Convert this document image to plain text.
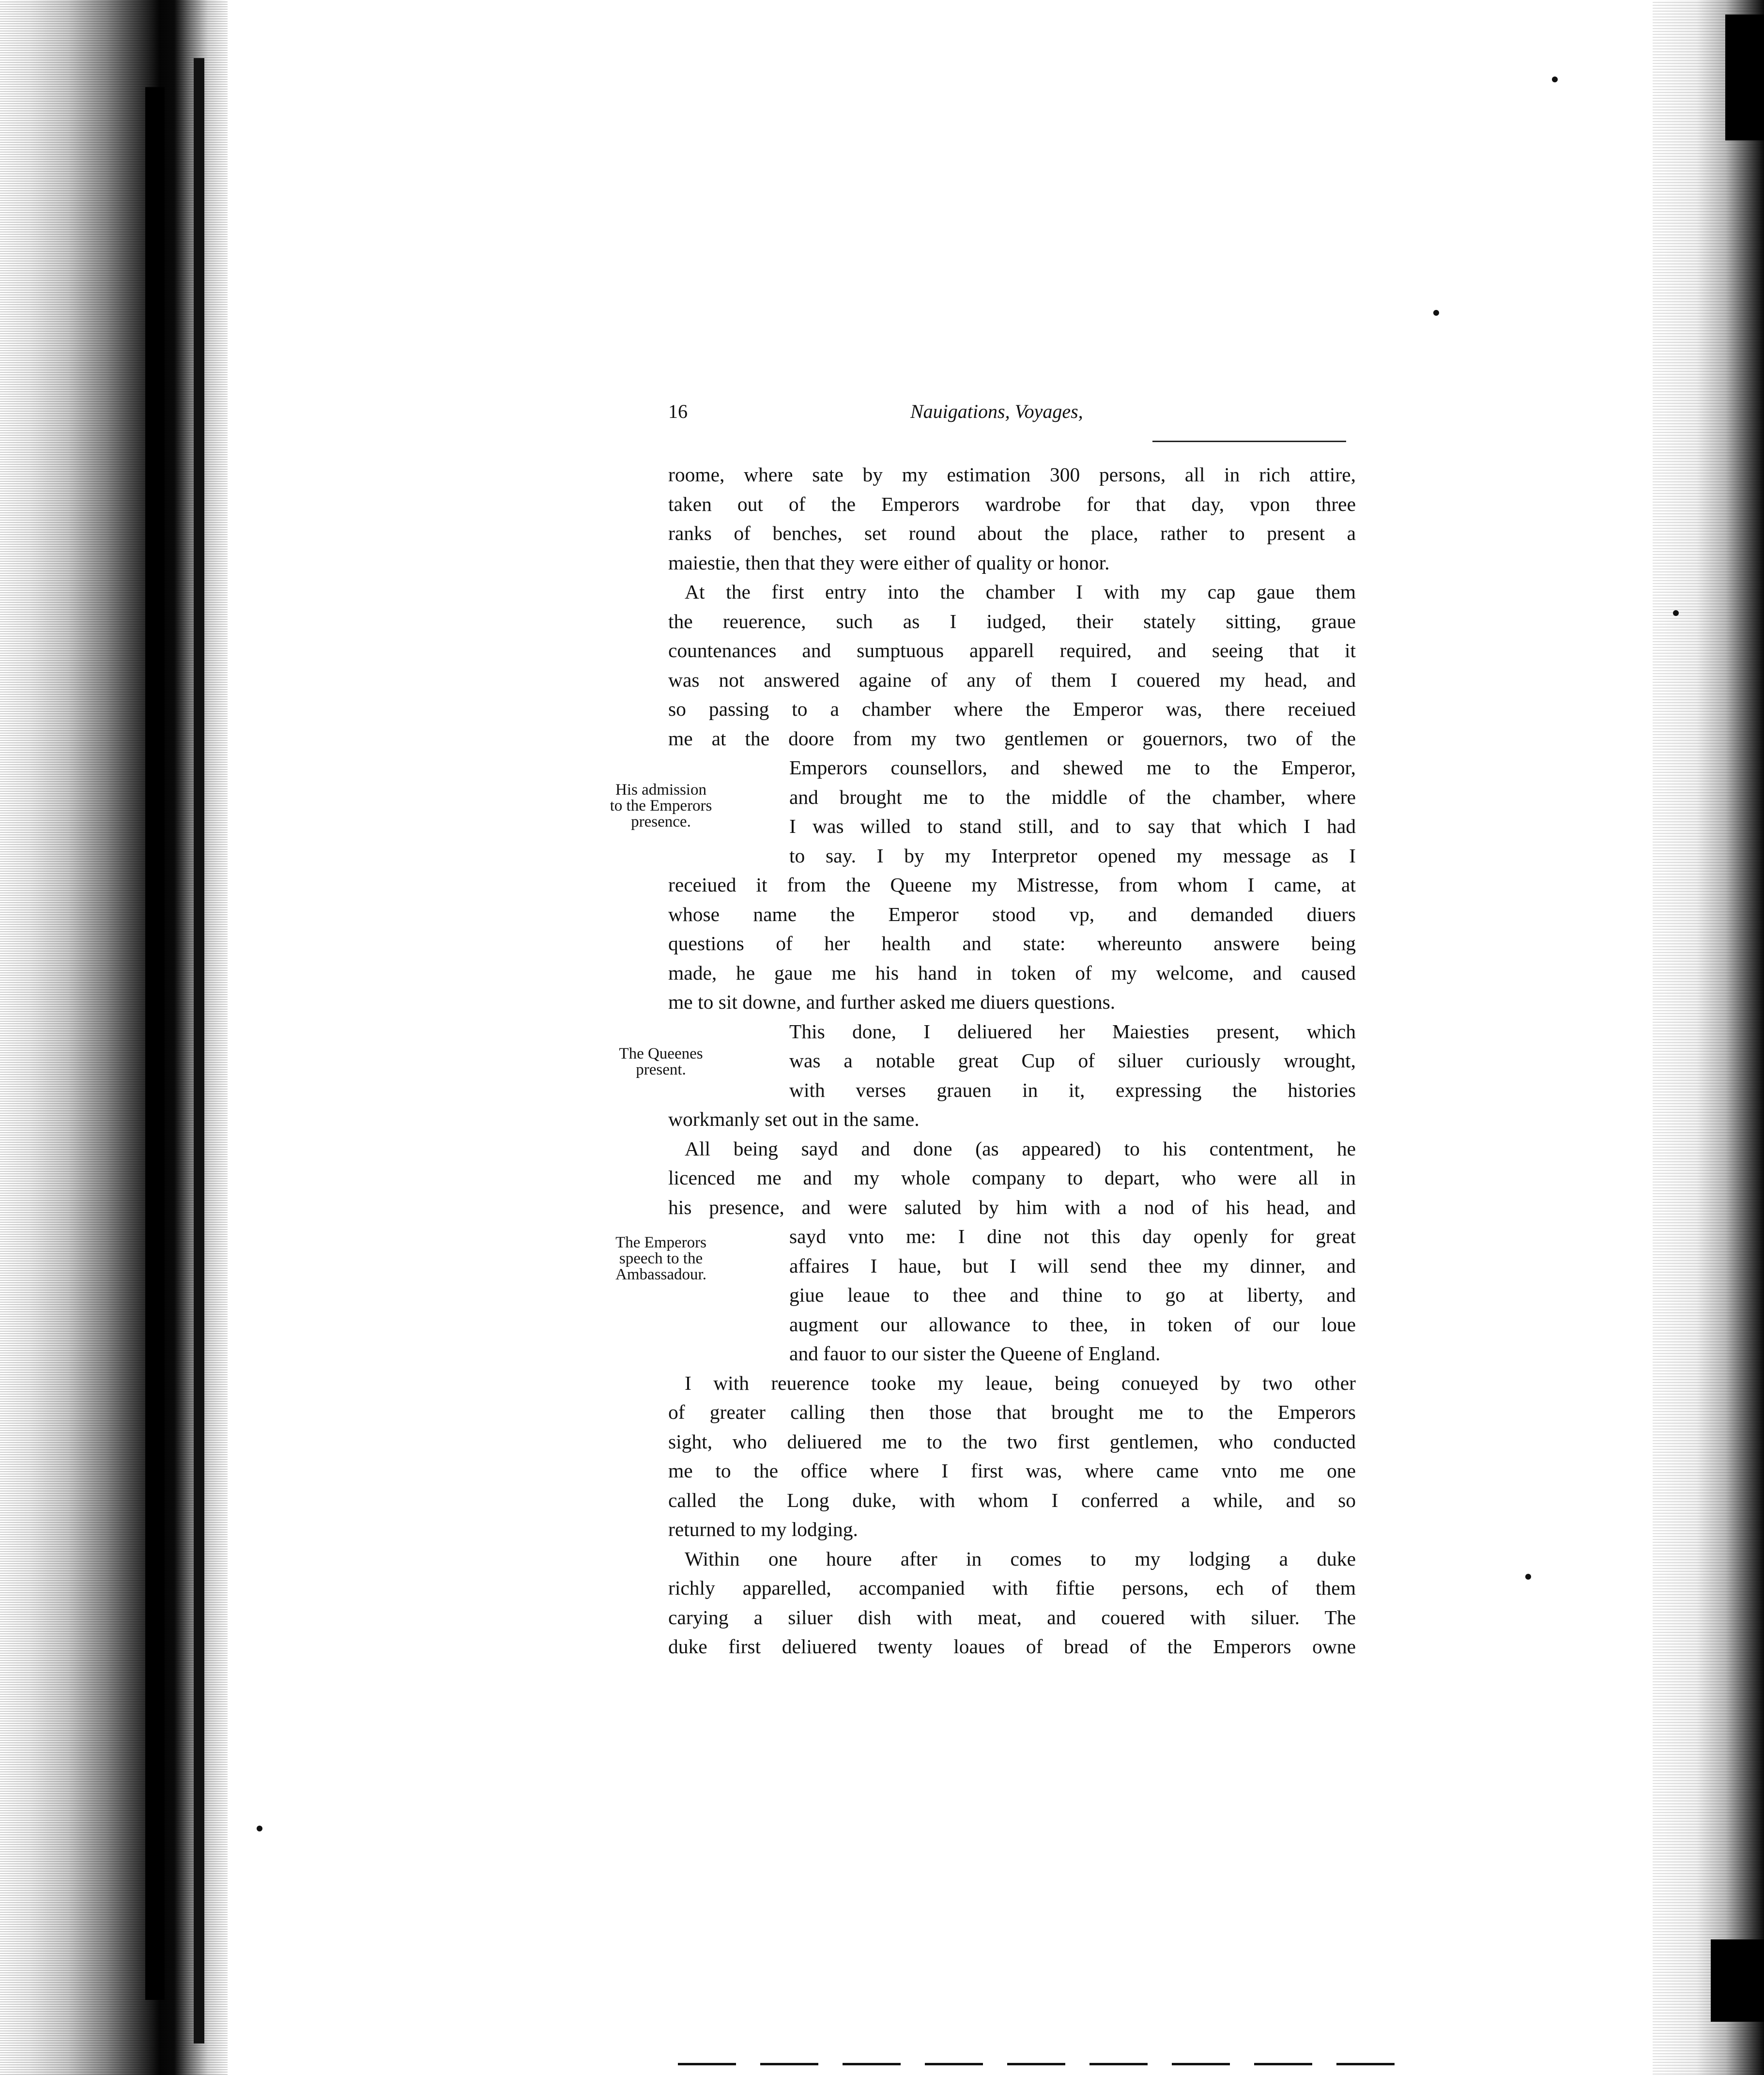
16	Nauigations, Voyages,
roome, where sate by my estimation 300 persons, all in rich attire,
taken out of the Emperors wardrobe for that day, vpon three
ranks of benches, set round about the place, rather to present a
maiestie, then that they were either of quality or honor.
At the first entry into the chamber I with my cap gaue them
the reuerence, such as I iudged, their stately sitting, graue
countenances and sumptuous apparell required, and seeing that it
was not answered againe of any of them I couered my head, and
so passing to a chamber where the Emperor was, there receiued
me at the doore from my two gentlemen or gouernors, two of the
Emperors counsellors, and shewed me to the Emperor,
and brought me to the middle of the chamber, where
I was willed to stand still, and to say that which I had
to say. I by my Interpretor opened my message as I
receiued it from the Queene my Mistresse, from whom I came, at
whose name the Emperor stood vp, and demanded diuers
questions of her health and state: whereunto answere being
made, he gaue me his hand in token of my welcome, and caused
me to sit downe, and further asked me diuers questions.
This done, I deliuered her Maiesties present, which
was a notable great Cup of siluer curiously wrought,
with verses grauen in it, expressing the histories
workmanly set out in the same.
All being sayd and done (as appeared) to his contentment, he
licenced me and my whole company to depart, who were all in
his presence, and were saluted by him with a nod of his head, and
sayd vnto me: I dine not this day openly for great
affaires I haue, but I will send thee my dinner, and
giue leaue to thee and thine to go at liberty, and
augment our allowance to thee, in token of our loue
and fauor to our sister the Queene of England.
I with reuerence tooke my leaue, being conueyed by two other
of greater calling then those that brought me to the Emperors
sight, who deliuered me to the two first gentlemen, who conducted
me to the office where I first was, where came vnto me one
called the Long duke, with whom I conferred a while, and so
returned to my lodging.
Within one houre after in comes to my lodging a duke
richly apparelled, accompanied with fiftie persons, ech of them
carying a siluer dish with meat, and couered with siluer. The
duke first deliuered twenty loaues of bread of the Emperors owne
His admission to the Emperors presence.
The Queenes present.
The Emperors speech to the Ambassadour.
